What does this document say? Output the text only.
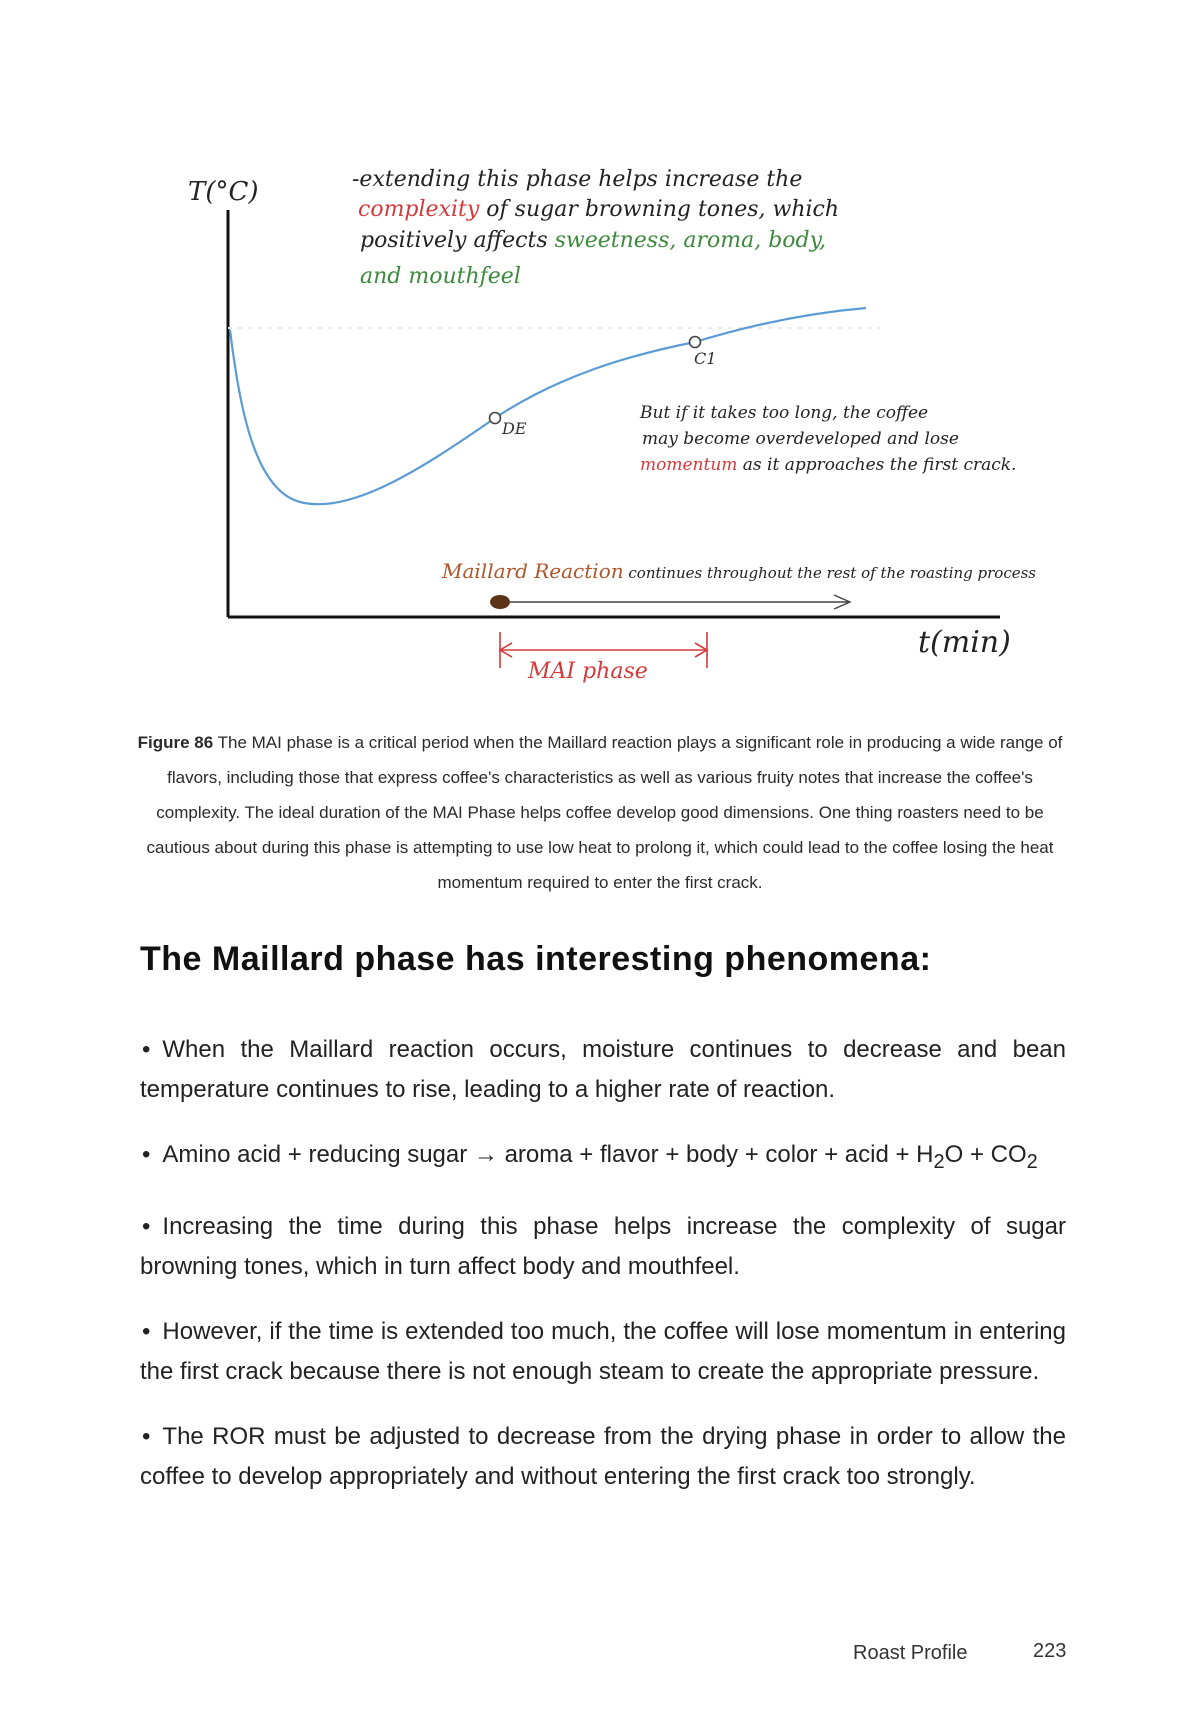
T(°C)
t(min)
DE
C1
-extending this phase helps increase the
complexity of sugar browning tones, which
positively affects sweetness, aroma, body,
and mouthfeel
But if it takes too long, the coffee
may become overdeveloped and lose
momentum as it approaches the first crack.
Maillard Reaction continues throughout the rest of the roasting process
MAI phase

Figure 86 The MAI phase is a critical period when the Maillard reaction plays a significant role in producing a wide range of flavors, including those that express coffee's characteristics as well as various fruity notes that increase the coffee's complexity. The ideal duration of the MAI Phase helps coffee develop good dimensions. One thing roasters need to be cautious about during this phase is attempting to use low heat to prolong it, which could lead to the coffee losing the heat momentum required to enter the first crack.

The Maillard phase has interesting phenomena:
• When the Maillard reaction occurs, moisture continues to decrease and bean temperature continues to rise, leading to a higher rate of reaction.
• Amino acid + reducing sugar → aroma + flavor + body + color + acid + $H_2O + CO_2$
• Increasing the time during this phase helps increase the complexity of sugar browning tones, which in turn affect body and mouthfeel.
• However, if the time is extended too much, the coffee will lose momentum in entering the first crack because there is not enough steam to create the appropriate pressure.
• The ROR must be adjusted to decrease from the drying phase in order to allow the coffee to develop appropriately and without entering the first crack too strongly.
Roast Profile	223
